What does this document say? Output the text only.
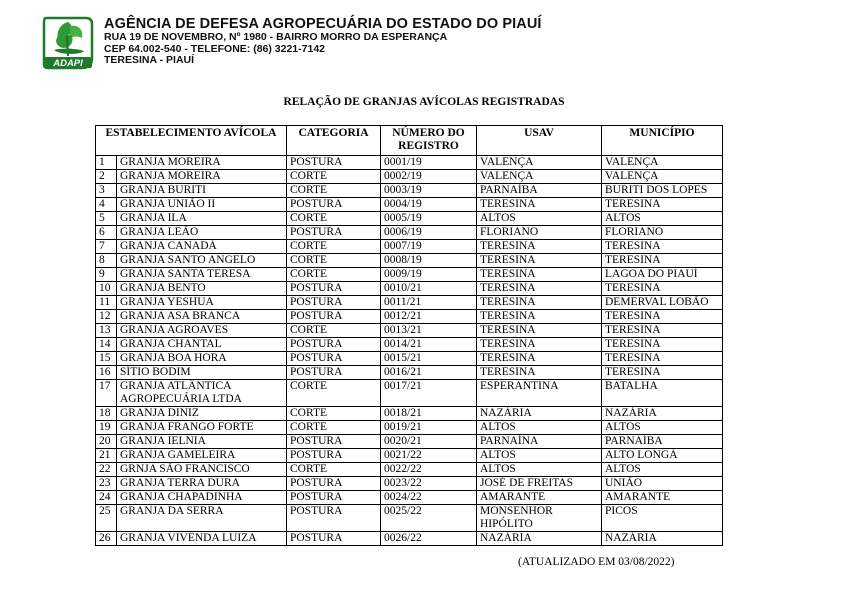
ADAPI
AGÊNCIA DE DEFESA AGROPECUÁRIA DO ESTADO DO PIAUÍ
RUA 19 DE NOVEMBRO, Nº 1980 - BAIRRO MORRO DA ESPERANÇA
CEP 64.002-540 - TELEFONE: (86) 3221-7142
TERESINA - PIAUÍ
RELAÇÃO DE GRANJAS AVÍCOLAS REGISTRADAS
ESTABELECIMENTO AVÍCOLA		CATEGORIA	NÚMERO DO
REGISTRO	USAV	MUNICÍPIO
1	GRANJA MOREIRA	POSTURA	0001/19	VALENÇA	VALENÇA
2	GRANJA MOREIRA	CORTE	0002/19	VALENÇA	VALENÇA
3	GRANJA BURITI	CORTE	0003/19	PARNAÍBA	BURITI DOS LOPES
4	GRANJA UNIÃO II	POSTURA	0004/19	TERESINA	TERESINA
5	GRANJA ILA	CORTE	0005/19	ALTOS	ALTOS
6	GRANJA LEÃO	POSTURA	0006/19	FLORIANO	FLORIANO
7	GRANJA CANADÁ	CORTE	0007/19	TERESINA	TERESINA
8	GRANJA SANTO ANGELO	CORTE	0008/19	TERESINA	TERESINA
9	GRANJA SANTA TERESA	CORTE	0009/19	TERESINA	LAGOA DO PIAUÍ
10	GRANJA BENTO	POSTURA	0010/21	TERESINA	TERESINA
11	GRANJA YESHUA	POSTURA	0011/21	TERESINA	DEMERVAL LOBÃO
12	GRANJA ASA BRANCA	POSTURA	0012/21	TERESINA	TERESINA
13	GRANJA AGROAVES	CORTE	0013/21	TERESINA	TERESINA
14	GRANJA CHANTAL	POSTURA	0014/21	TERESINA	TERESINA
15	GRANJA BOA HORA	POSTURA	0015/21	TERESINA	TERESINA
16	SÍTIO BODIM	POSTURA	0016/21	TERESINA	TERESINA
17	GRANJA ATLÂNTICA
AGROPECUÁRIA LTDA	CORTE	0017/21	ESPERANTINA	BATALHA
18	GRANJA DINIZ	CORTE	0018/21	NAZÁRIA	NAZÁRIA
19	GRANJA FRANGO FORTE	CORTE	0019/21	ALTOS	ALTOS
20	GRANJA IELNIA	POSTURA	0020/21	PARNAÍNA	PARNAÍBA
21	GRANJA GAMELEIRA	POSTURA	0021/22	ALTOS	ALTO LONGÁ
22	GRNJA SÃO FRANCISCO	CORTE	0022/22	ALTOS	ALTOS
23	GRANJA TERRA DURA	POSTURA	0023/22	JOSÉ DE FREITAS	UNIÃO
24	GRANJA CHAPADINHA	POSTURA	0024/22	AMARANTE	AMARANTE
25	GRANJA DA SERRA	POSTURA	0025/22	MONSENHOR
HIPÓLITO	PICOS
26	GRANJA VIVENDA LUIZA	POSTURA	0026/22	NAZÁRIA	NAZÁRIA
(ATUALIZADO EM 03/08/2022)
